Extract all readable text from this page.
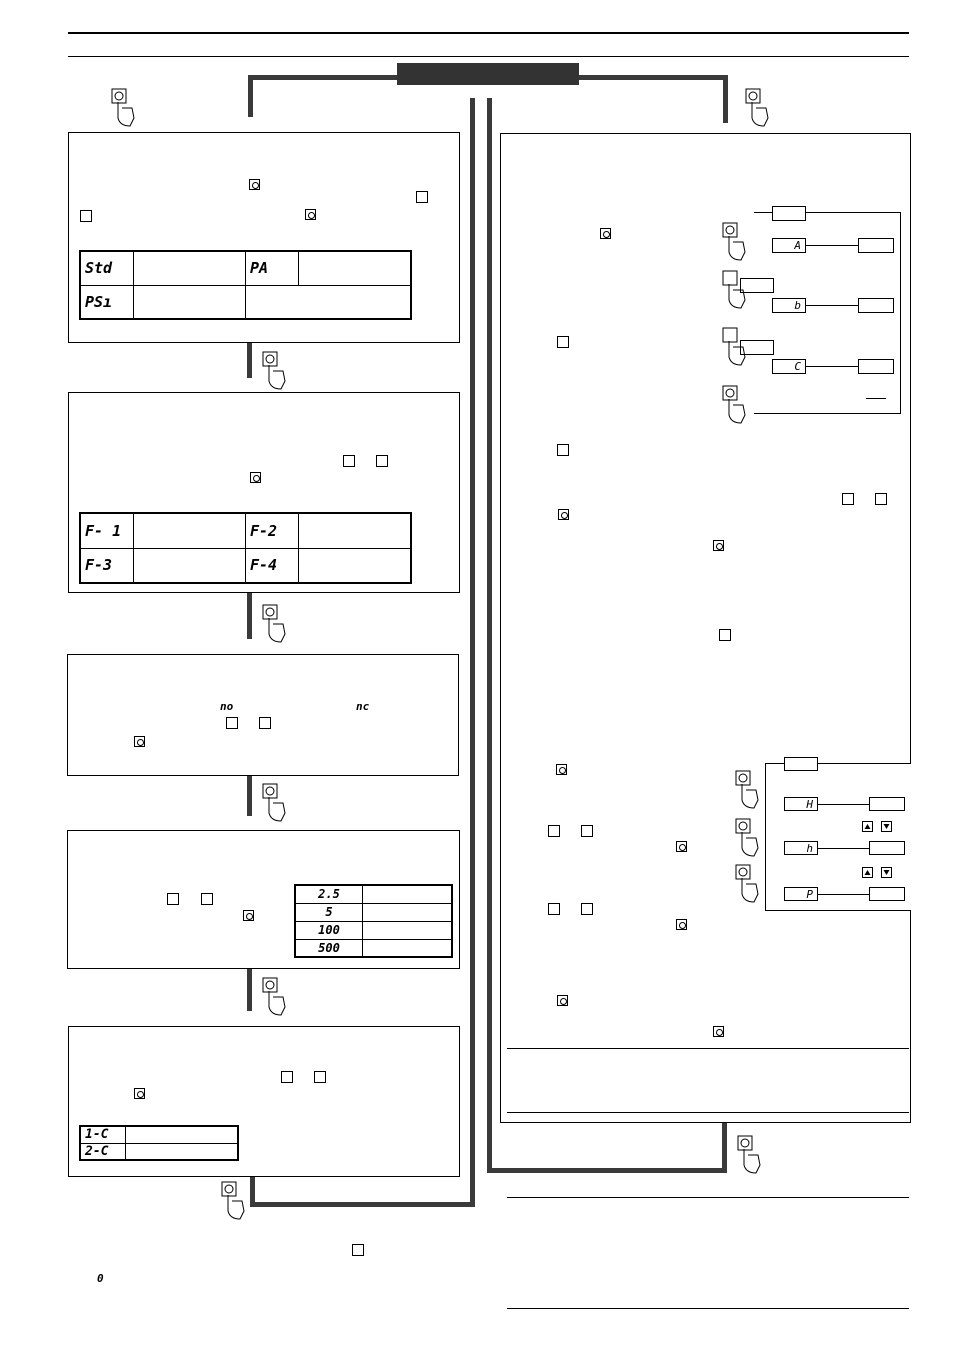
Std		PA	
PSı			
F- 1		F-2	
F-3		F-4	
no	nc
2.5	
5	
100	
500	
1-C	
2-C	
0
A
b
C
H
h
P
